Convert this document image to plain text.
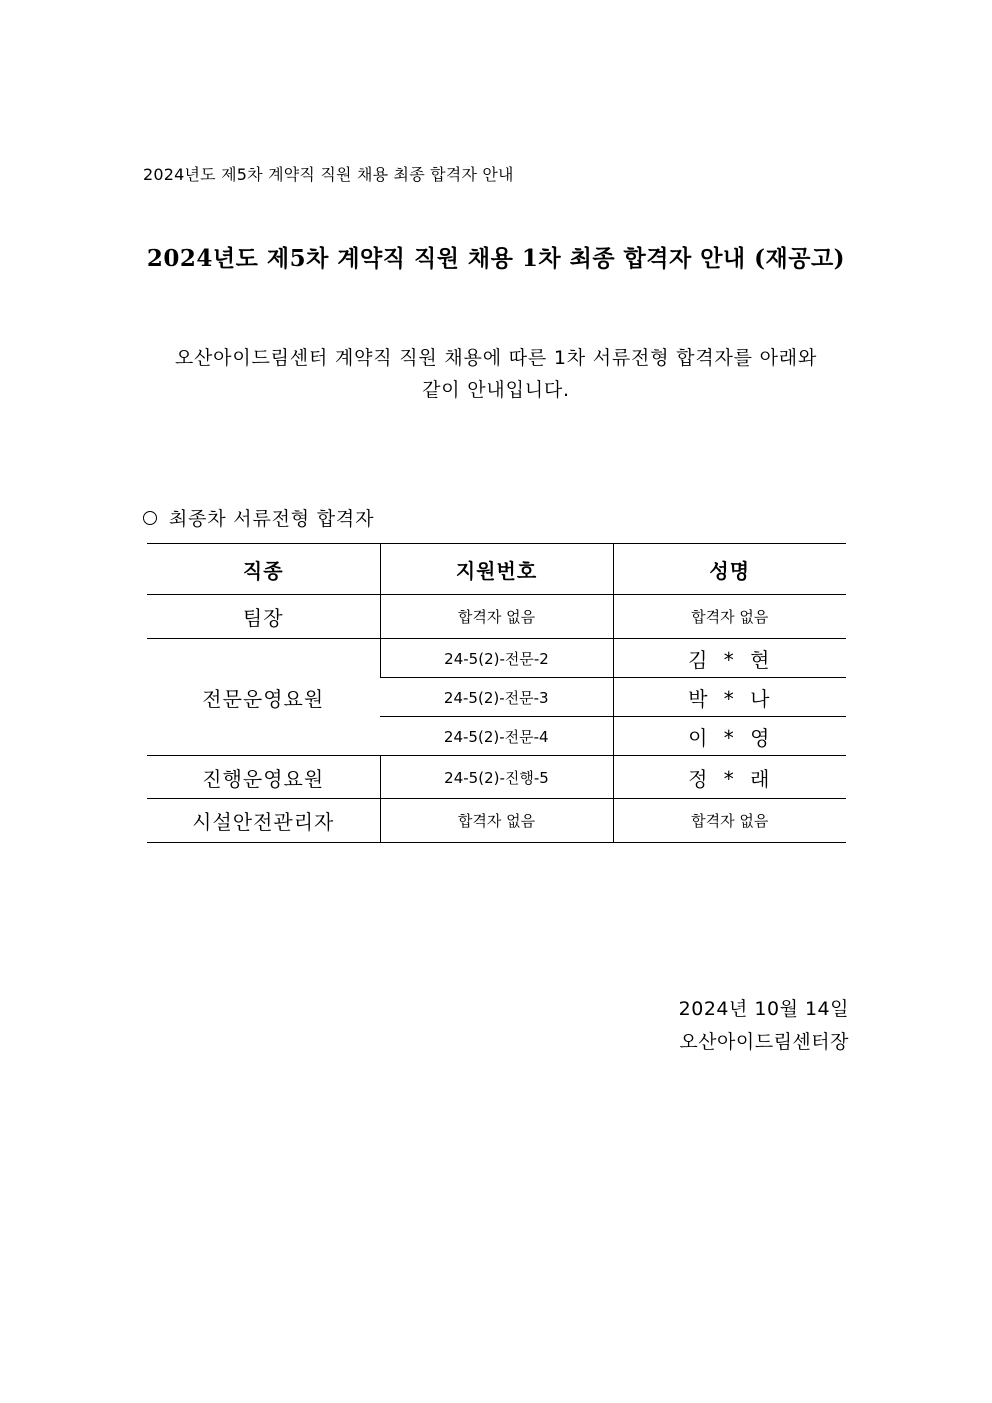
2024년도 제5차 계약직 직원 채용 최종 합격자 안내
2024년도 제5차 계약직 직원 채용 1차 최종 합격자 안내 (재공고)
오산아이드림센터 계약직 직원 채용에 따른 1차 서류전형 합격자를 아래와
같이 안내입니다.
최종차 서류전형 합격자
직종	지원번호	성명
팀장	합격자 없음	합격자 없음
전문운영요원	24-5(2)-전문-2	김 * 현
	24-5(2)-전문-3	박 * 나
	24-5(2)-전문-4	이 * 영
진행운영요원	24-5(2)-진행-5	정 * 래
시설안전관리자	합격자 없음	합격자 없음
2024년 10월 14일
오산아이드림센터장
